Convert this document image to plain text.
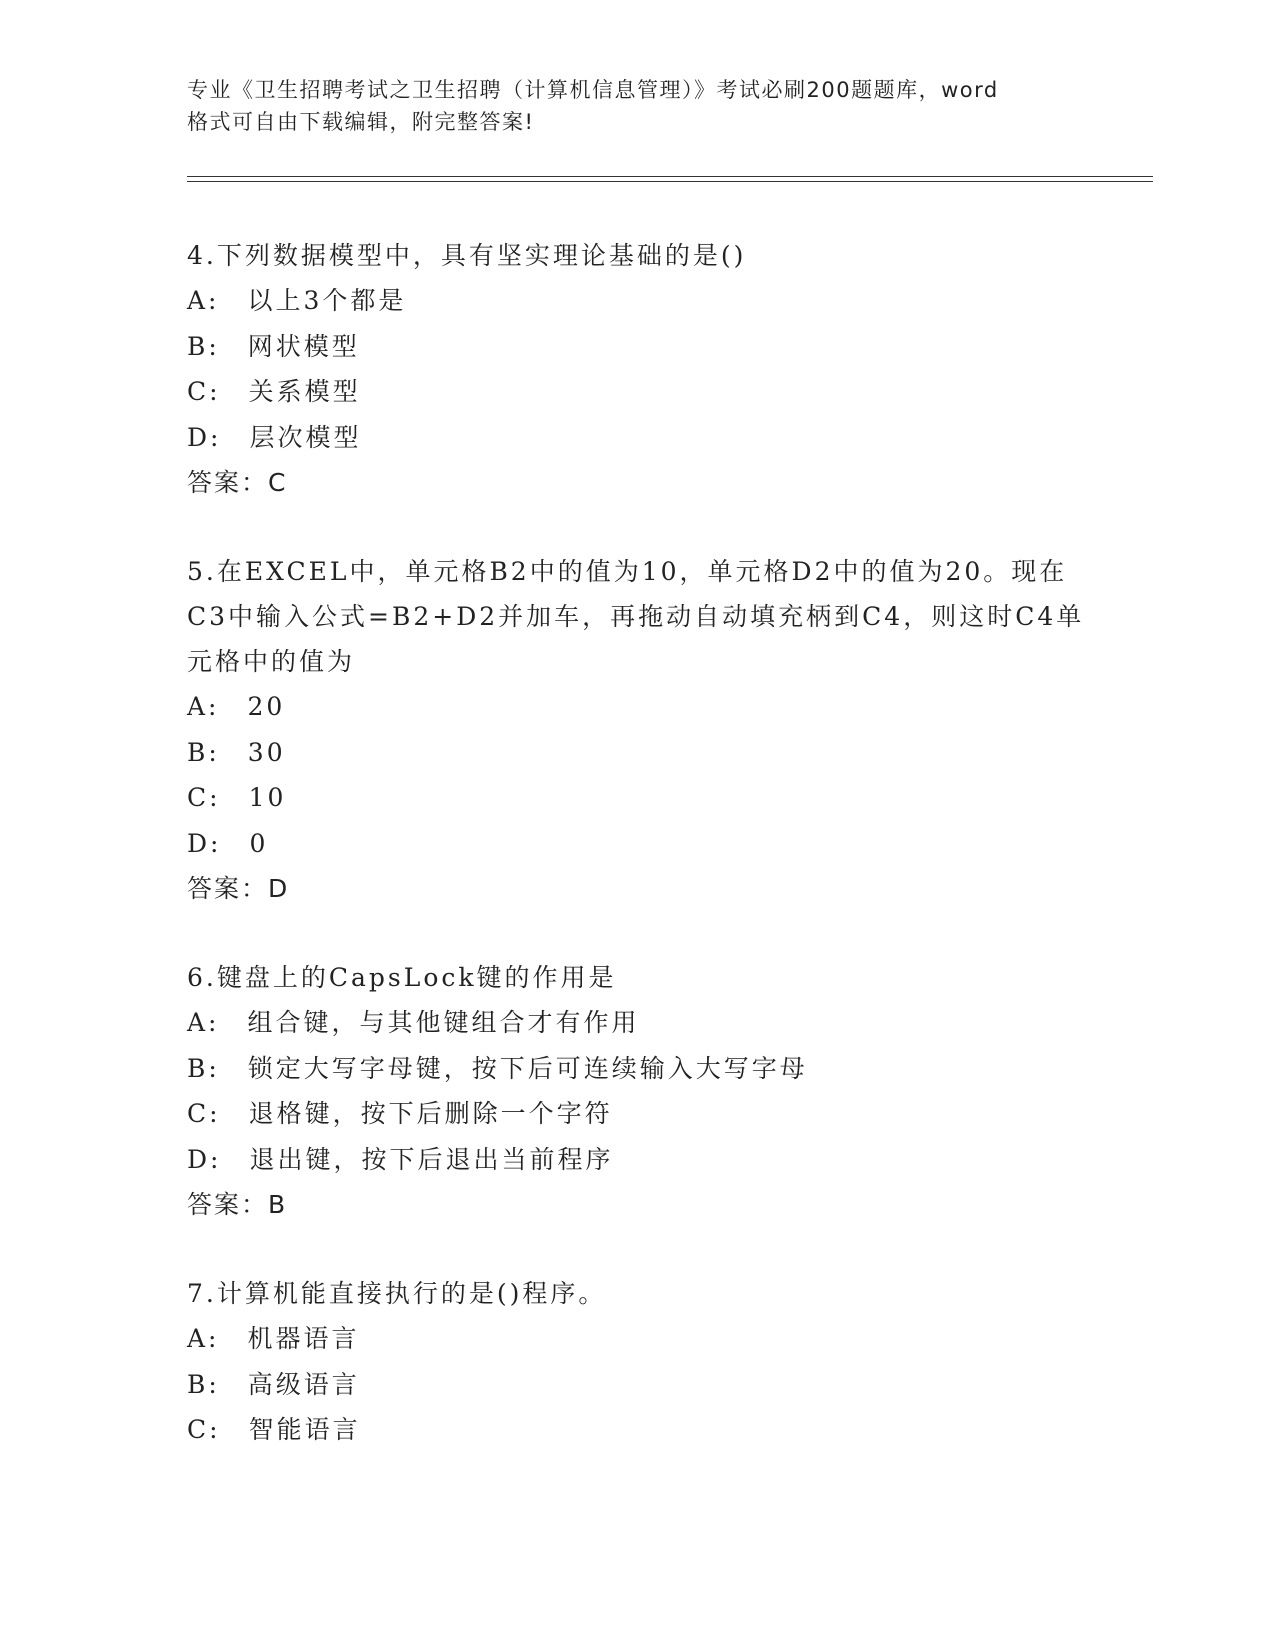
专业《卫生招聘考试之卫生招聘（计算机信息管理）》考试必刷200题题库，word
格式可自由下载编辑，附完整答案!
4.下列数据模型中，具有坚实理论基础的是()
A: 以上3个都是
B: 网状模型
C: 关系模型
D: 层次模型
答案：C
5.在EXCEL中，单元格B2中的值为10，单元格D2中的值为20。现在
C3中输入公式=B2+D2并加车，再拖动自动填充柄到C4，则这时C4单
元格中的值为
A: 20
B: 30
C: 10
D: 0
答案：D
6.键盘上的CapsLock键的作用是
A: 组合键，与其他键组合才有作用
B: 锁定大写字母键，按下后可连续输入大写字母
C: 退格键，按下后删除一个字符
D: 退出键，按下后退出当前程序
答案：B
7.计算机能直接执行的是()程序。
A: 机器语言
B: 高级语言
C: 智能语言
